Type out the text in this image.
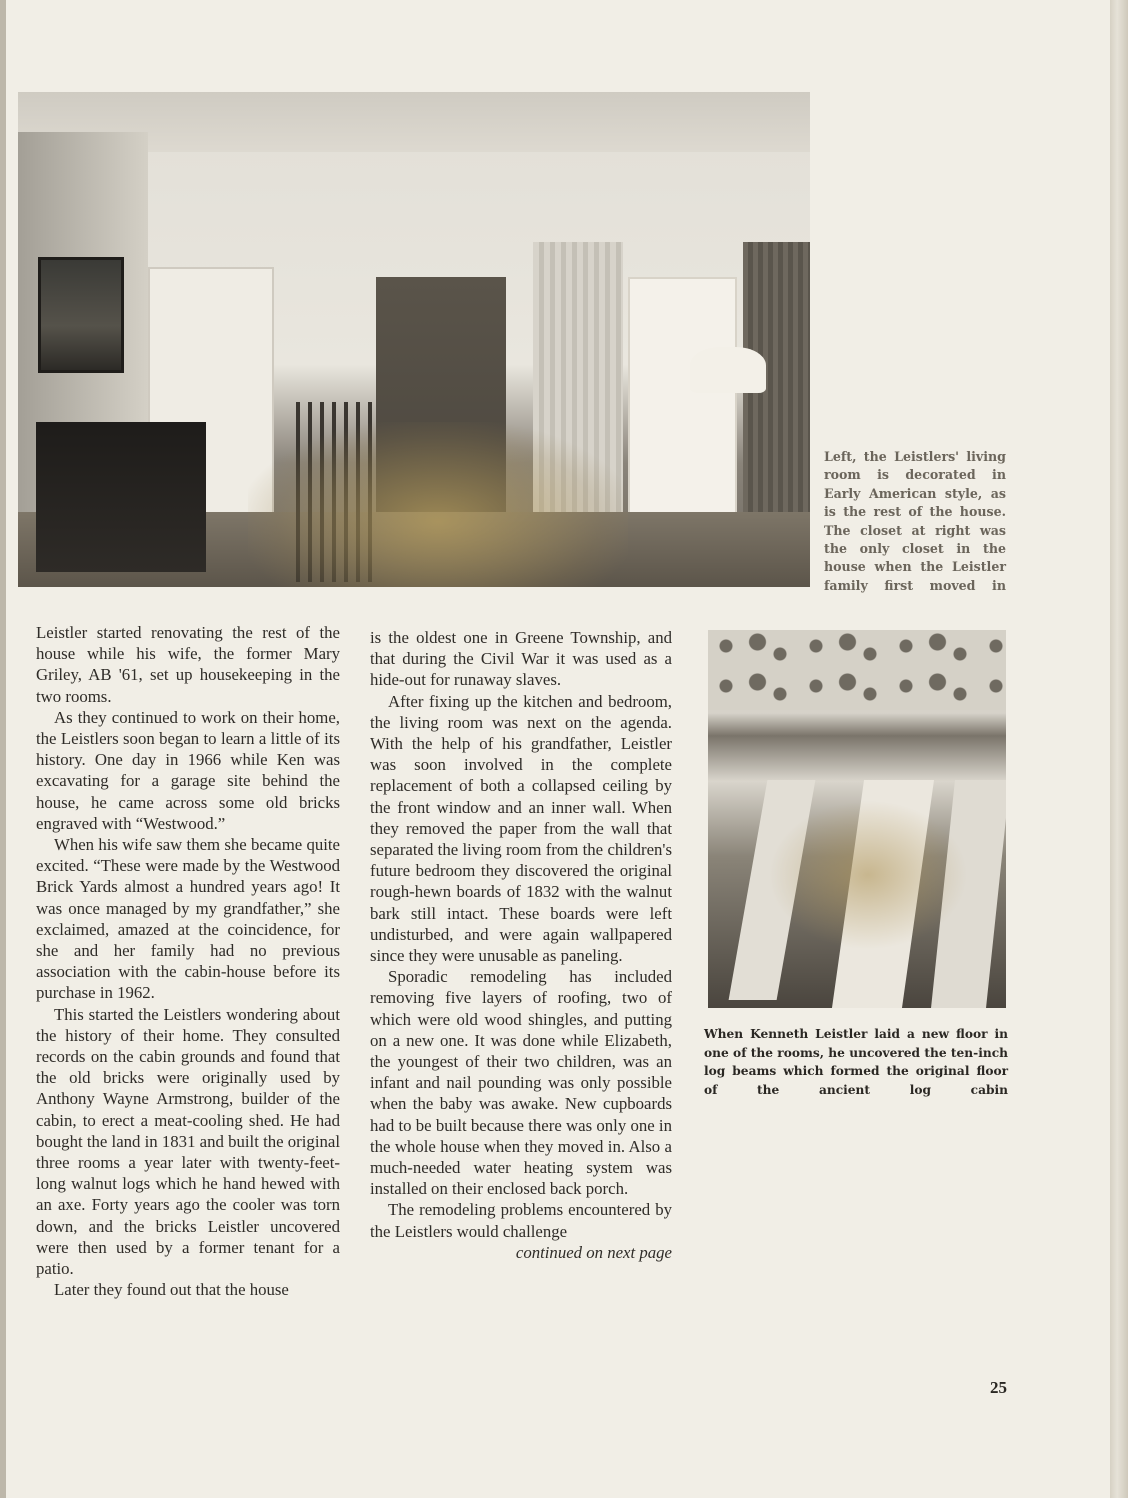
Left, the Leistlers' living room is decorated in Early American style, as is the rest of the house. The closet at right was the only closet in the house when the Leistler family first moved in

Leistler started renovating the rest of the house while his wife, the former Mary Griley, AB '61, set up housekeeping in the two rooms.

As they continued to work on their home, the Leistlers soon began to learn a little of its history. One day in 1966 while Ken was excavating for a garage site behind the house, he came across some old bricks engraved with “Westwood.”

When his wife saw them she became quite excited. “These were made by the Westwood Brick Yards almost a hundred years ago! It was once managed by my grandfather,” she exclaimed, amazed at the coincidence, for she and her family had no previous association with the cabin-house before its purchase in 1962.

This started the Leistlers wondering about the history of their home. They consulted records on the cabin grounds and found that the old bricks were originally used by Anthony Wayne Armstrong, builder of the cabin, to erect a meat-cooling shed. He had bought the land in 1831 and built the original three rooms a year later with twenty-feet-long walnut logs which he hand hewed with an axe. Forty years ago the cooler was torn down, and the bricks Leistler uncovered were then used by a former tenant for a patio.

Later they found out that the house

is the oldest one in Greene Township, and that during the Civil War it was used as a hide-out for runaway slaves.

After fixing up the kitchen and bedroom, the living room was next on the agenda. With the help of his grandfather, Leistler was soon involved in the complete replacement of both a collapsed ceiling by the front window and an inner wall. When they removed the paper from the wall that separated the living room from the children's future bedroom they discovered the original rough-hewn boards of 1832 with the walnut bark still intact. These boards were left undisturbed, and were again wallpapered since they were unusable as paneling.

Sporadic remodeling has included removing five layers of roofing, two of which were old wood shingles, and putting on a new one. It was done while Elizabeth, the youngest of their two children, was an infant and nail pounding was only possible when the baby was awake. New cupboards had to be built because there was only one in the whole house when they moved in. Also a much-needed water heating system was installed on their enclosed back porch.

The remodeling problems encountered by the Leistlers would challenge

continued on next page
When Kenneth Leistler laid a new floor in one of the rooms, he uncovered the ten-inch log beams which formed the original floor of the ancient log cabin
25
